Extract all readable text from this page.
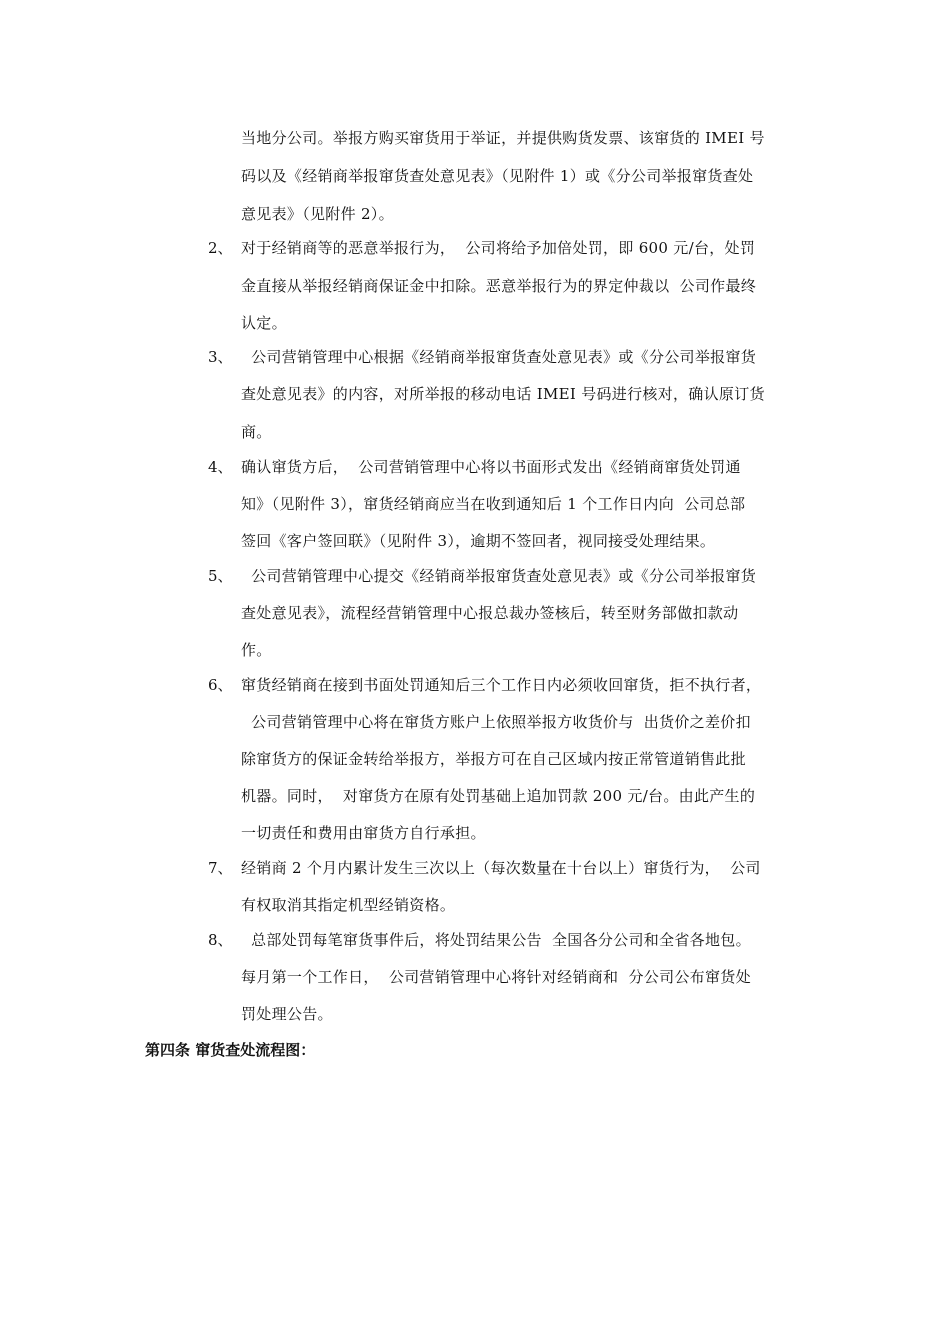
当地分公司。举报方购买窜货用于举证，并提供购货发票、该窜货的 IMEI 号
码以及《经销商举报窜货查处意见表》（见附件 1）或《分公司举报窜货查处
意见表》（见附件 2）。
2、 对于经销商等的恶意举报行为，  公司将给予加倍处罚，即 600 元/台，处罚
金直接从举报经销商保证金中扣除。恶意举报行为的界定仲裁以  公司作最终
认定。
3、 公司营销管理中心根据《经销商举报窜货查处意见表》或《分公司举报窜货
查处意见表》的内容，对所举报的移动电话 IMEI 号码进行核对，确认原订货
商。
4、 确认窜货方后，  公司营销管理中心将以书面形式发出《经销商窜货处罚通
知》（见附件 3），窜货经销商应当在收到通知后 1 个工作日内向  公司总部
签回《客户签回联》（见附件 3），逾期不签回者，视同接受处理结果。
5、 公司营销管理中心提交《经销商举报窜货查处意见表》或《分公司举报窜货
查处意见表》，流程经营销管理中心报总裁办签核后，转至财务部做扣款动
作。
6、 窜货经销商在接到书面处罚通知后三个工作日内必须收回窜货，拒不执行者，
公司营销管理中心将在窜货方账户上依照举报方收货价与  出货价之差价扣
除窜货方的保证金转给举报方，举报方可在自己区域内按正常管道销售此批
机器。同时，  对窜货方在原有处罚基础上追加罚款 200 元/台。由此产生的
一切责任和费用由窜货方自行承担。
7、 经销商 2 个月内累计发生三次以上（每次数量在十台以上）窜货行为，  公司
有权取消其指定机型经销资格。
8、 总部处罚每笔窜货事件后，将处罚结果公告  全国各分公司和全省各地包。
每月第一个工作日，  公司营销管理中心将针对经销商和  分公司公布窜货处
罚处理公告。
第四条 窜货查处流程图：
